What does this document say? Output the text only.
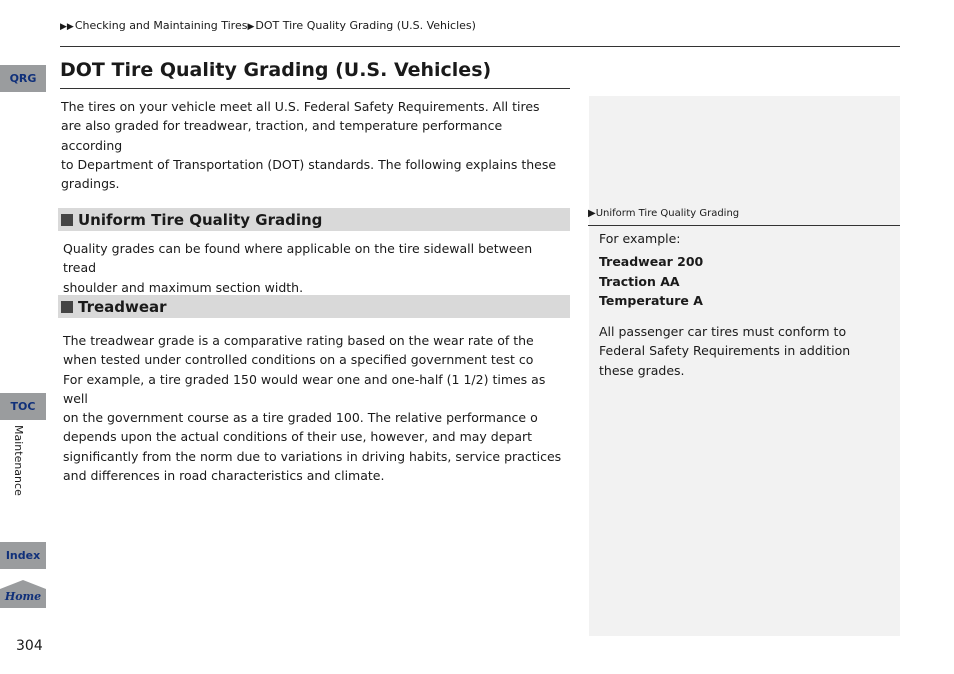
▶▶Checking and Maintaining Tires▶DOT Tire Quality Grading (U.S. Vehicles)
DOT Tire Quality Grading (U.S. Vehicles)
QRG
TOC
Maintenance
Index
Home
304

The tires on your vehicle meet all U.S. Federal Safety Requirements. All tires

are also graded for treadwear, traction, and temperature performance according

to Department of Transportation (DOT) standards. The following explains these

gradings.

Uniform Tire Quality Grading

Quality grades can be found where applicable on the tire sidewall between tread

shoulder and maximum section width.

Treadwear

The treadwear grade is a comparative rating based on the wear rate of the

when tested under controlled conditions on a specified government test co

For example, a tire graded 150 would wear one and one-half (1 1/2) times as well

on the government course as a tire graded 100. The relative performance o

depends upon the actual conditions of their use, however, and may depart

significantly from the norm due to variations in driving habits, service practices

and differences in road characteristics and climate.

▶Uniform Tire Quality Grading

For example:

Treadwear 200

Traction AA

Temperature A

All passenger car tires must conform to

Federal Safety Requirements in addition

these grades.
